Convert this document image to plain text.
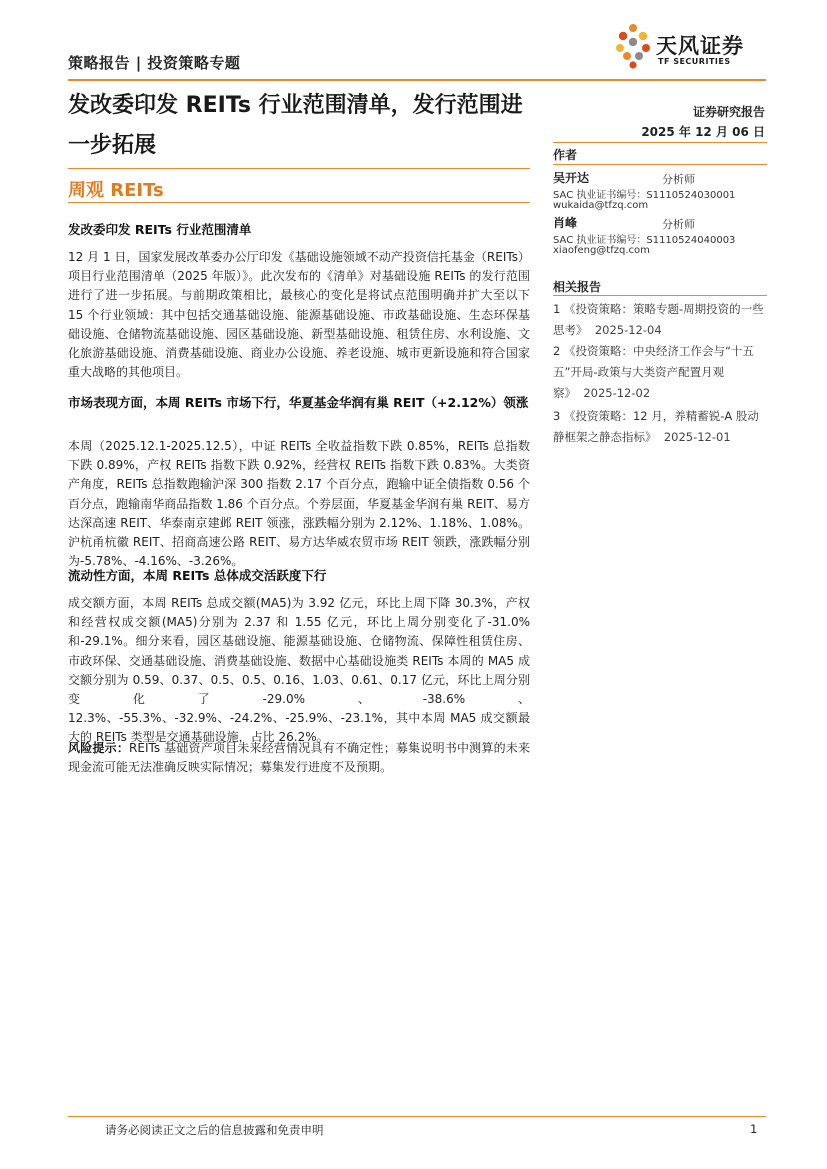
策略报告 | 投资策略专题
天风证券
TF SECURITIES
发改委印发 REITs 行业范围清单，发行范围进
一步拓展
周观 REITs
证券研究报告
2025 年 12 月 06 日
作者
吴开达	分析师
SAC 执业证书编号：S1110524030001
wukaida@tfzq.com
肖峰	分析师
SAC 执业证书编号：S1110524040003
xiaofeng@tfzq.com
相关报告
1 《投资策略：策略专题-周期投资的一些思考》 2025-12-04
2 《投资策略：中央经济工作会与“十五五”开局-政策与大类资产配置月观察》 2025-12-02
3 《投资策略：12 月，养精蓄锐-A 股动静框架之静态指标》 2025-12-01
发改委印发 REITs 行业范围清单
12 月 1 日，国家发展改革委办公厅印发《基础设施领域不动产投资信托基金（REITs）项目行业范围清单（2025 年版）》。此次发布的《清单》对基础设施 REITs 的发行范围进行了进一步拓展。与前期政策相比，最核心的变化是将试点范围明确并扩大至以下 15 个行业领域：其中包括交通基础设施、能源基础设施、市政基础设施、生态环保基础设施、仓储物流基础设施、园区基础设施、新型基础设施、租赁住房、水利设施、文化旅游基础设施、消费基础设施、商业办公设施、养老设施、城市更新设施和符合国家重大战略的其他项目。
市场表现方面，本周 REITs 市场下行，华夏基金华润有巢 REIT（+2.12%）领涨
本周（2025.12.1-2025.12.5），中证 REITs 全收益指数下跌 0.85%，REITs 总指数下跌 0.89%，产权 REITs 指数下跌 0.92%，经营权 REITs 指数下跌 0.83%。大类资产角度，REITs 总指数跑输沪深 300 指数 2.17 个百分点，跑输中证全债指数 0.56 个百分点，跑输南华商品指数 1.86 个百分点。个券层面，华夏基金华润有巢 REIT、易方达深高速 REIT、华泰南京建邺 REIT 领涨，涨跌幅分别为 2.12%、1.18%、1.08%。沪杭甬杭徽 REIT、招商高速公路 REIT、易方达华威农贸市场 REIT 领跌，涨跌幅分别为-5.78%、-4.16%、-3.26%。
流动性方面，本周 REITs 总体成交活跃度下行
成交额方面，本周 REITs 总成交额(MA5)为 3.92 亿元，环比上周下降 30.3%，产权和经营权成交额(MA5)分别为 2.37 和 1.55 亿元，环比上周分别变化了-31.0%和-29.1%。细分来看，园区基础设施、能源基础设施、仓储物流、保障性租赁住房、市政环保、交通基础设施、消费基础设施、数据中心基础设施类 REITs 本周的 MA5 成交额分别为 0.59、0.37、0.5、0.5、0.16、1.03、0.61、0.17 亿元，环比上周分别变化了-29.0%、-38.6%、12.3%、-55.3%、-32.9%、-24.2%、-25.9%、-23.1%，其中本周 MA5 成交额最大的 REITs 类型是交通基础设施，占比 26.2%。
风险提示：REITs 基础资产项目未来经营情况具有不确定性；募集说明书中测算的未来现金流可能无法准确反映实际情况；募集发行进度不及预期。
请务必阅读正文之后的信息披露和免责申明	1
